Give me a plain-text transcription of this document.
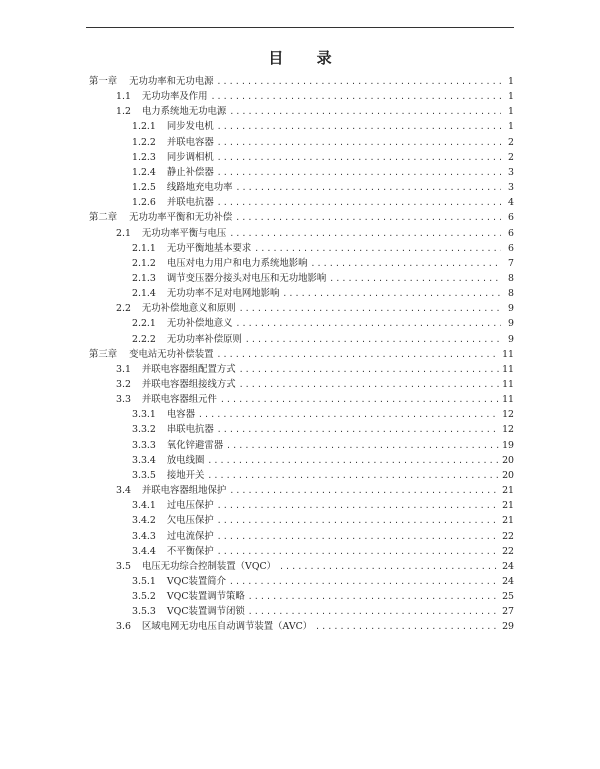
目 录
第一章 无功功率和无功电源 .....	1
1.1 无功功率及作用 .....	1
1.2 电力系统地无功电源 .....	1
1.2.1 同步发电机 .....	1
1.2.2 并联电容器 .....	2
1.2.3 同步调相机 .....	2
1.2.4 静止补偿器 .....	3
1.2.5 线路地充电功率 .....	3
1.2.6 并联电抗器 .....	4
第二章 无功功率平衡和无功补偿 .....	6
2.1 无功功率平衡与电压 .....	6
2.1.1 无功平衡地基本要求 .....	6
2.1.2 电压对电力用户和电力系统地影响 .....	7
2.1.3 调节变压器分接头对电压和无功地影响 .....	8
2.1.4 无功功率不足对电网地影响 .....	8
2.2 无功补偿地意义和原则 .....	9
2.2.1 无功补偿地意义 .....	9
2.2.2 无功功率补偿原则 .....	9
第三章 变电站无功补偿装置 .....	11
3.1 并联电容器组配置方式 .....	11
3.2 并联电容器组接线方式 .....	11
3.3 并联电容器组元件 .....	11
3.3.1 电容器 .....	12
3.3.2 串联电抗器 .....	12
3.3.3 氧化锌避雷器 .....	19
3.3.4 放电线圈 .....	20
3.3.5 接地开关 .....	20
3.4 并联电容器组地保护 .....	21
3.4.1 过电压保护 .....	21
3.4.2 欠电压保护 .....	21
3.4.3 过电流保护 .....	22
3.4.4 不平衡保护 .....	22
3.5 电压无功综合控制装置（VQC） .....	24
3.5.1 VQC装置简介 .....	24
3.5.2 VQC装置调节策略 .....	25
3.5.3 VQC装置调节闭锁 .....	27
3.6 区域电网无功电压自动调节装置（AVC） .....	29
